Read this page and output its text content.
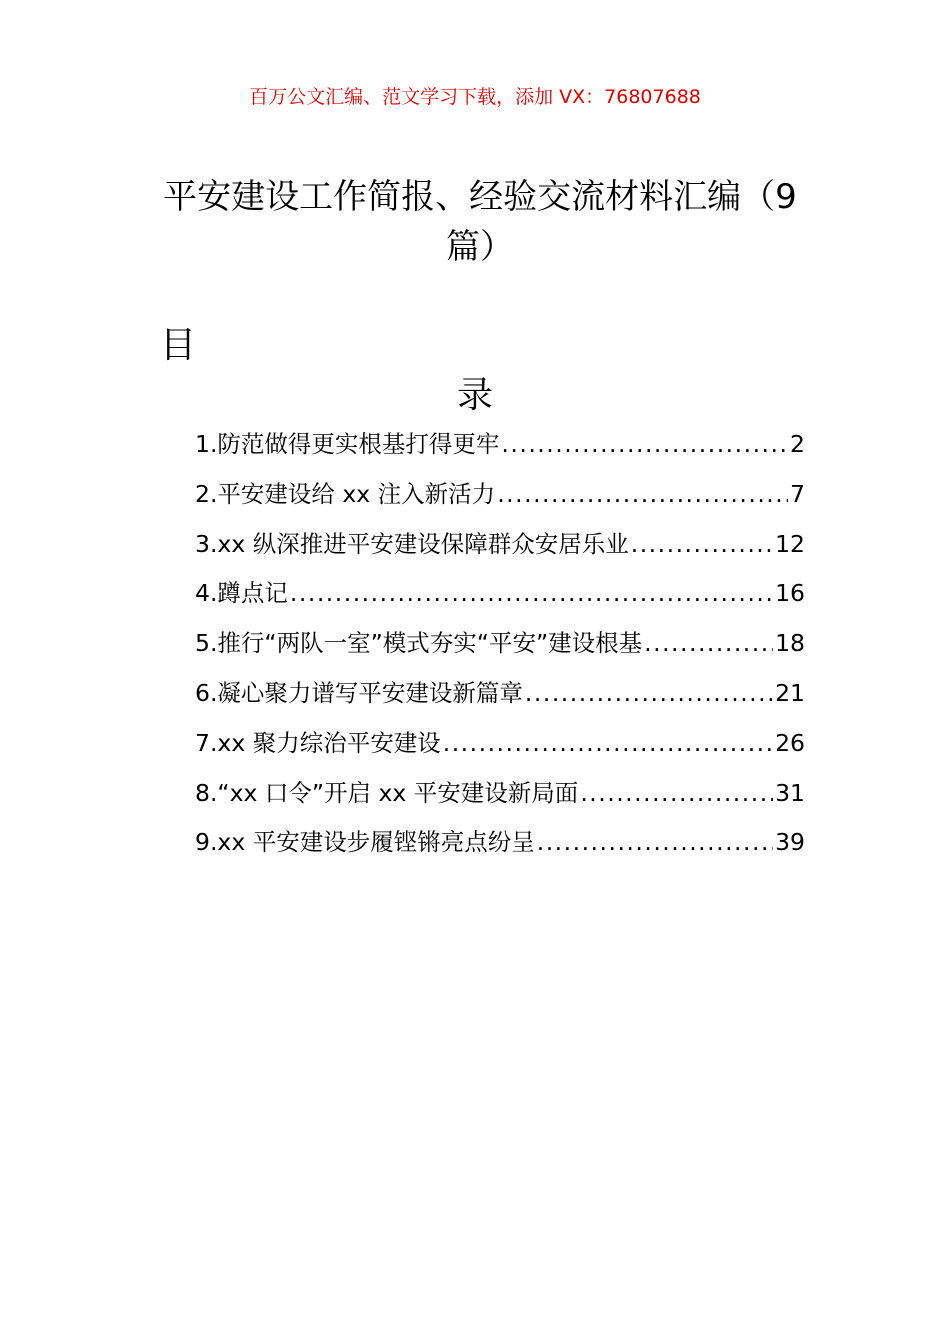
百万公文汇编、范文学习下载，添加 VX：76807688
平安建设工作简报、经验交流材料汇编（9 篇）
目
录
1.防范做得更实根基打得更牢 .....	2
2.平安建设给 xx 注入新活力 .....	7
3.xx 纵深推进平安建设保障群众安居乐业 .....	12
4.蹲点记 .....	16
5.推行“两队一室”模式夯实“平安”建设根基 .....	18
6.凝心聚力谱写平安建设新篇章 .....	21
7.xx 聚力综治平安建设 .....	26
8.“xx 口令”开启 xx 平安建设新局面 .....	31
9.xx 平安建设步履铿锵亮点纷呈 .....	39
